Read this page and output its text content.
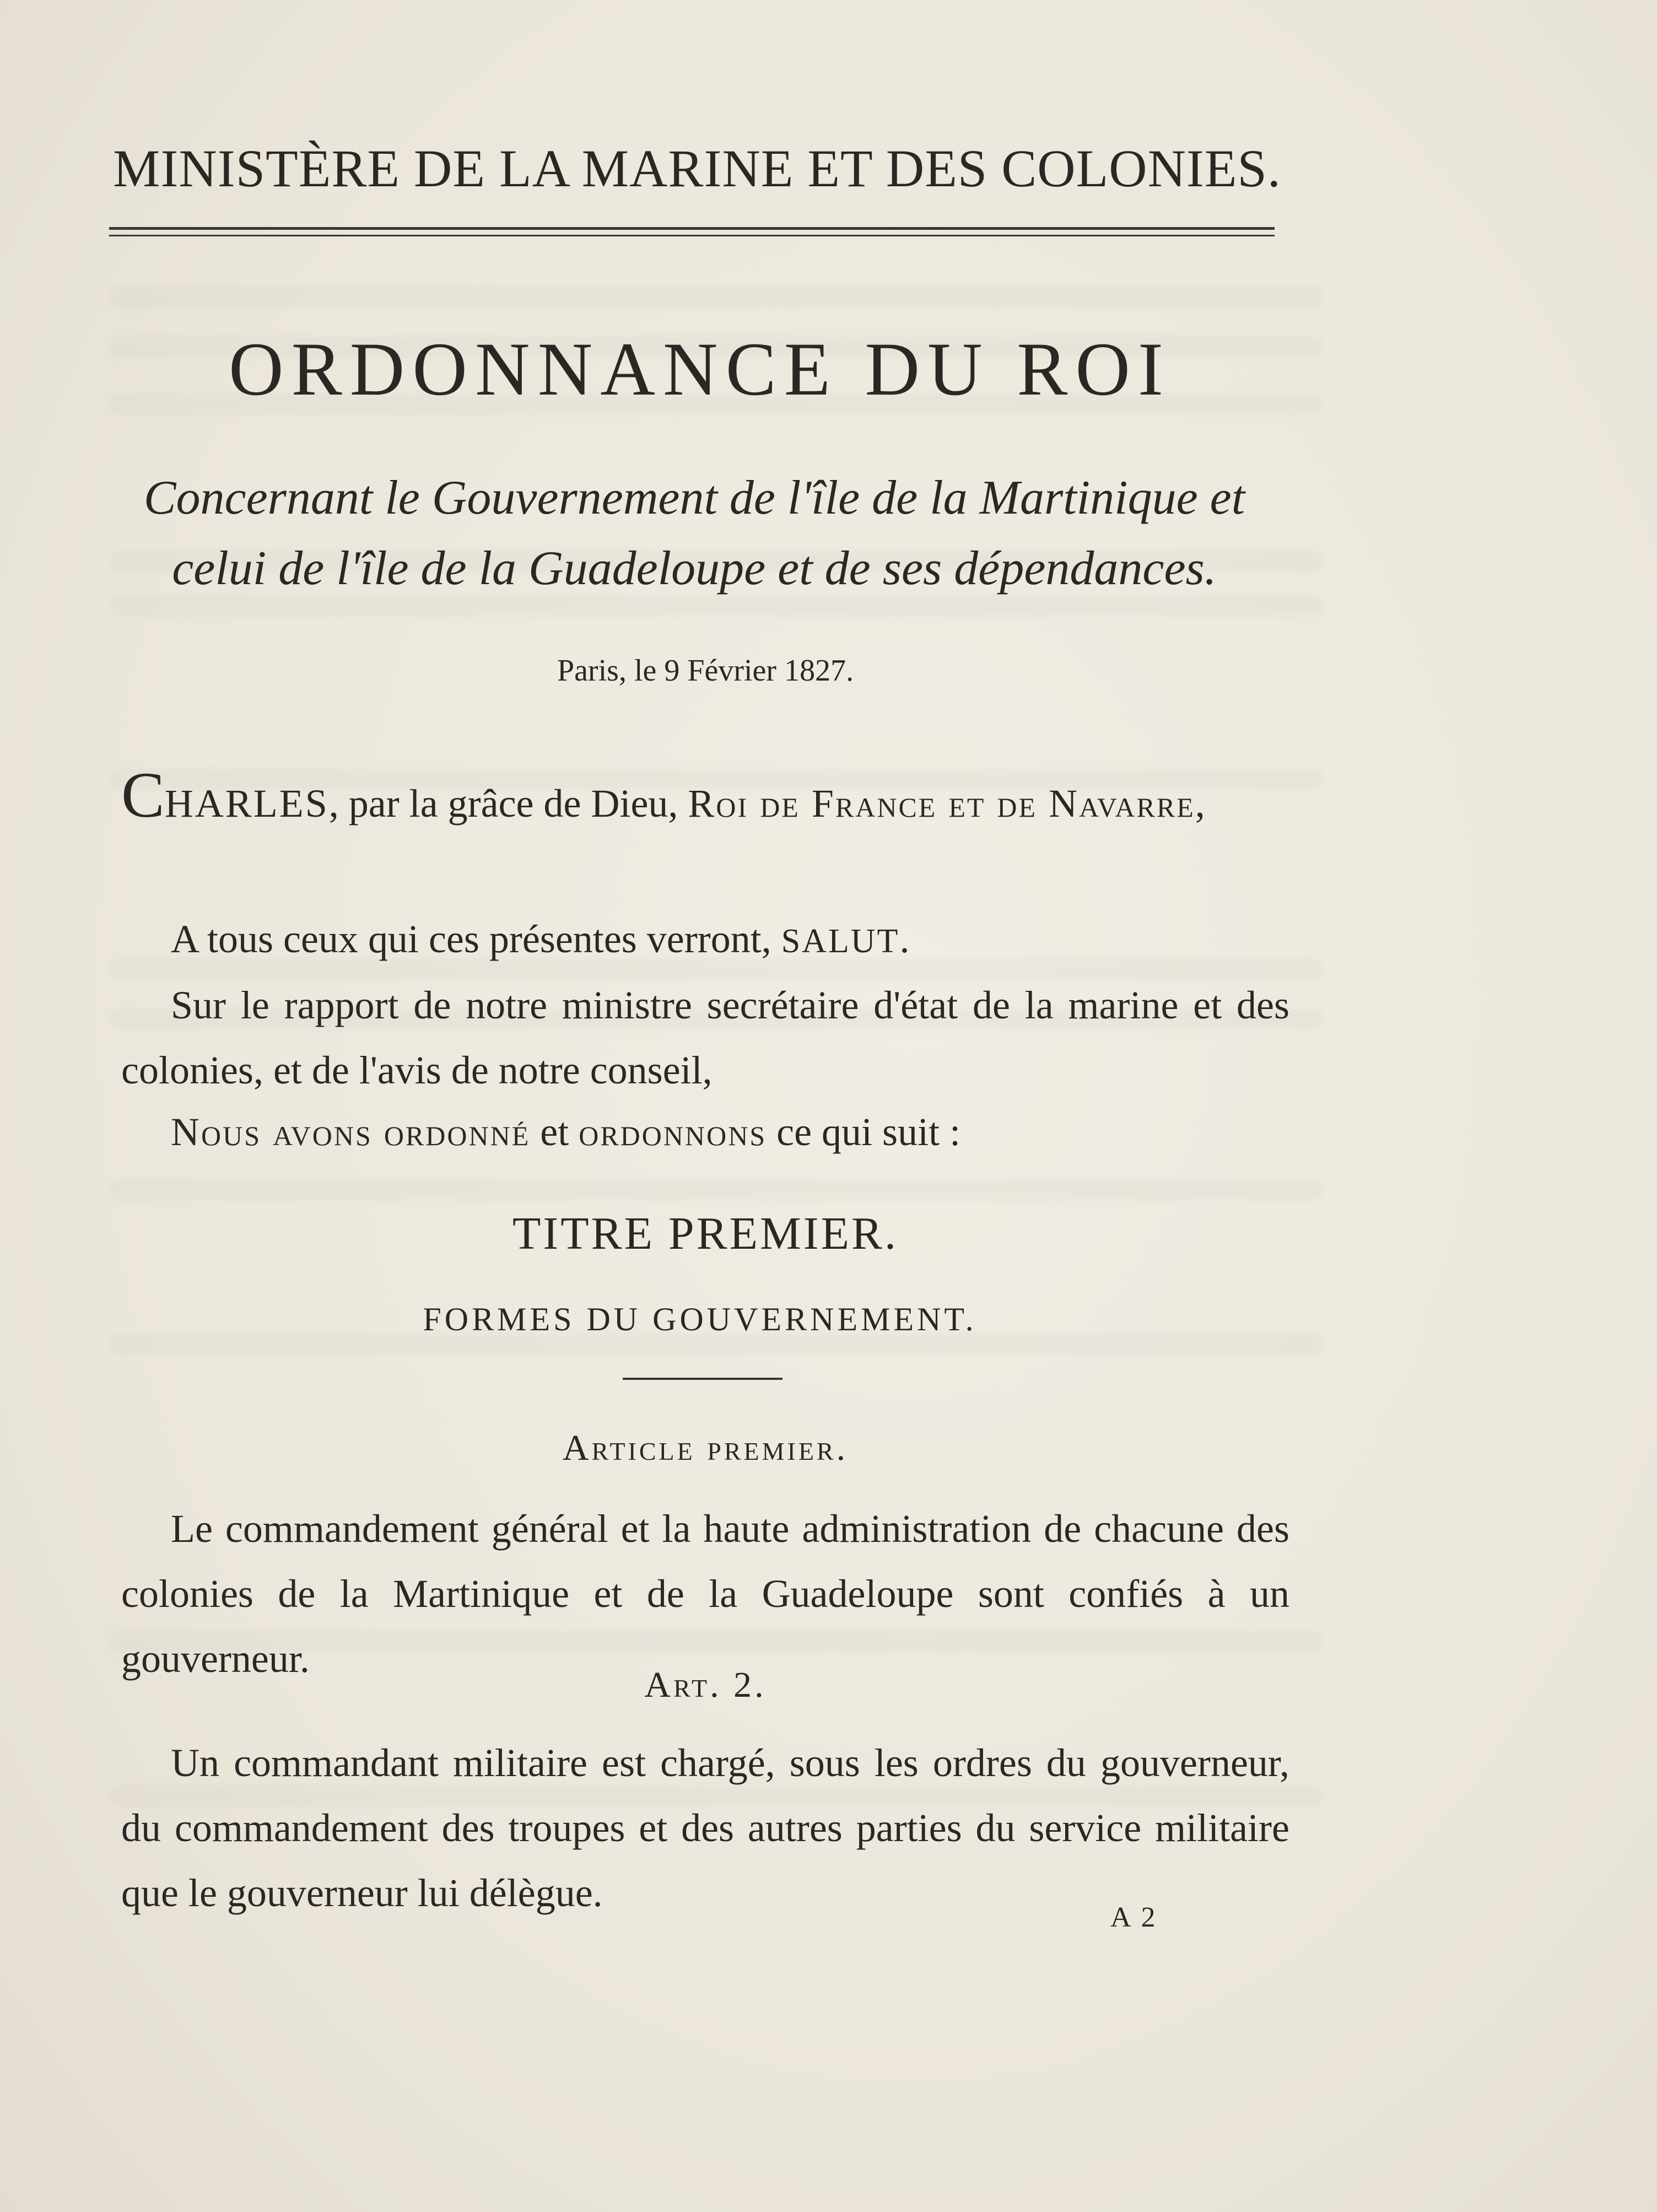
MINISTÈRE DE LA MARINE ET DES COLONIES.
ORDONNANCE DU ROI
Concernant le Gouvernement de l'île de la Martinique et
celui de l'île de la Guadeloupe et de ses dépendances.
Paris, le 9 Février 1827.
CHARLES, par la grâce de Dieu, Roi de France et de Navarre,
A tous ceux qui ces présentes verront, SALUT.
Sur le rapport de notre ministre secrétaire d'état de la marine et des colonies, et de l'avis de notre conseil,
Nous avons ordonné et ordonnons ce qui suit :
TITRE PREMIER.
FORMES DU GOUVERNEMENT.
Article premier.
Le commandement général et la haute administration de chacune des colonies de la Martinique et de la Guadeloupe sont confiés à un gouverneur.
Art. 2.
Un commandant militaire est chargé, sous les ordres du gouverneur, du commandement des troupes et des autres parties du service militaire que le gouverneur lui délègue.
A 2
